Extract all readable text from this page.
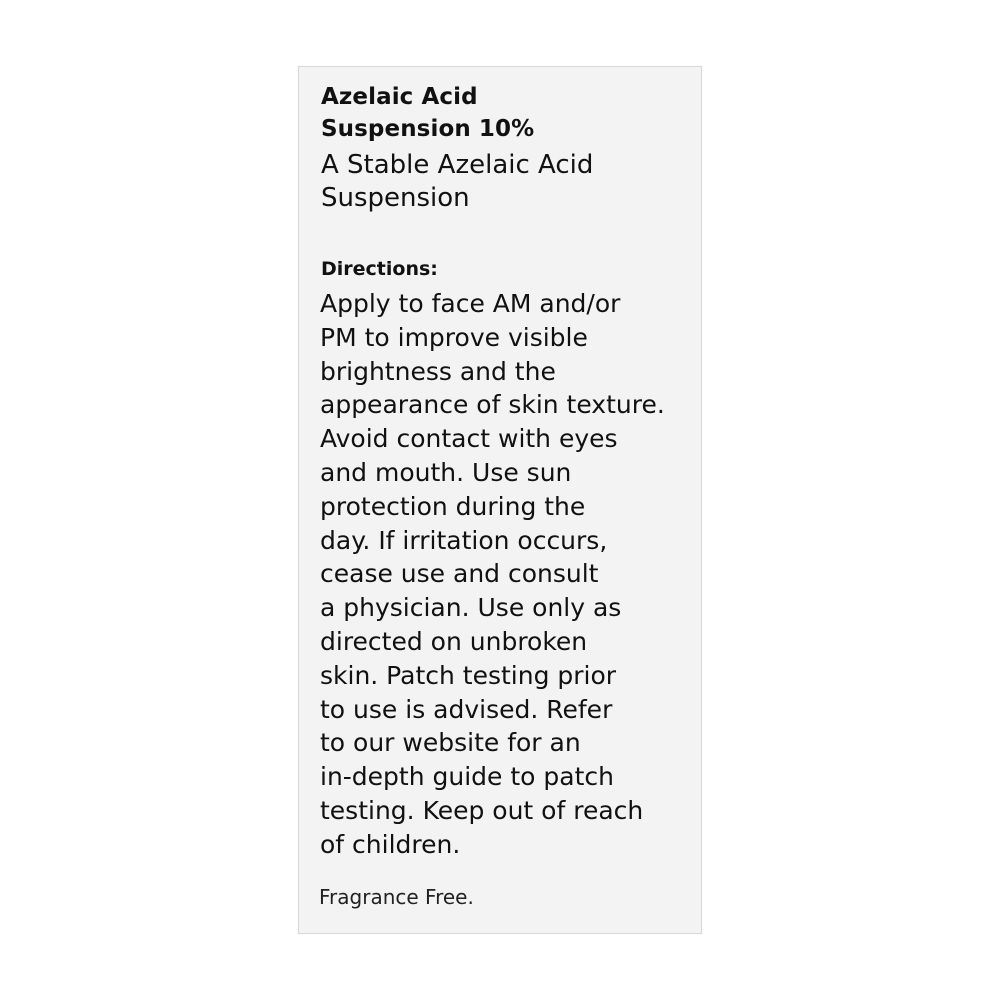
Azelaic Acid
Suspension 10%
A Stable Azelaic Acid
Suspension
Directions:
Apply to face AM and/or
PM to improve visible
brightness and the
appearance of skin texture.
Avoid contact with eyes
and mouth. Use sun
protection during the
day. If irritation occurs,
cease use and consult
a physician. Use only as
directed on unbroken
skin. Patch testing prior
to use is advised. Refer
to our website for an
in-depth guide to patch
testing. Keep out of reach
of children.
Fragrance Free.
